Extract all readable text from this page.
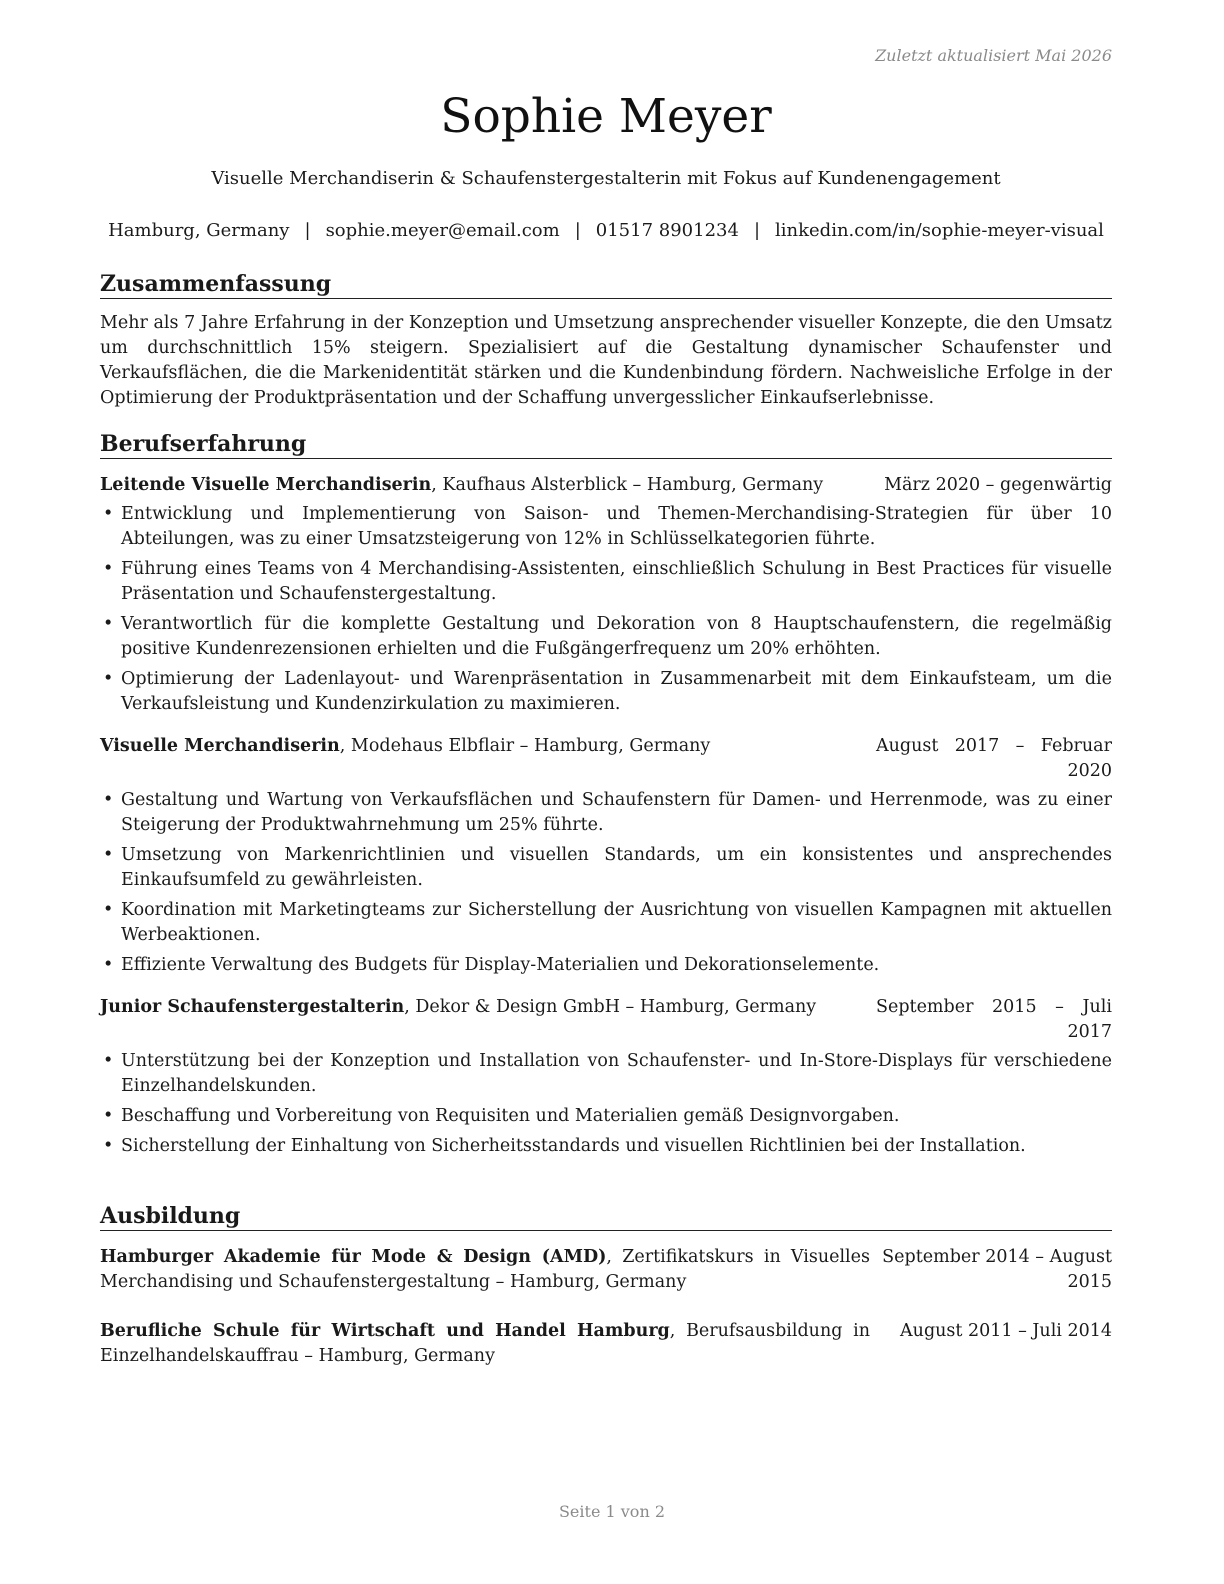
Zuletzt aktualisiert Mai 2026
Sophie Meyer
Visuelle Merchandiserin & Schaufenstergestalterin mit Fokus auf Kundenengagement
Hamburg, Germany | sophie.meyer@email.com | 01517 8901234 | linkedin.com/in/sophie-meyer-visual
Zusammenfassung
Mehr als 7 Jahre Erfahrung in der Konzeption und Umsetzung ansprechender visueller Konzepte, die den Umsatz um durchschnittlich 15% steigern. Spezialisiert auf die Gestaltung dynamischer Schaufenster und Verkaufsflächen, die die Markenidentität stärken und die Kundenbindung fördern. Nachweisliche Erfolge in der Optimierung der Produktpräsentation und der Schaffung unvergesslicher Einkaufserlebnisse.
Berufserfahrung
Leitende Visuelle Merchandiserin, Kaufhaus Alsterblick – Hamburg, Germany	März 2020 – gegenwärtig
• Entwicklung und Implementierung von Saison- und Themen-Merchandising-Strategien für über 10 Abteilungen, was zu einer Umsatzsteigerung von 12% in Schlüsselkategorien führte.
• Führung eines Teams von 4 Merchandising-Assistenten, einschließlich Schulung in Best Practices für visuelle Präsentation und Schaufenstergestaltung.
• Verantwortlich für die komplette Gestaltung und Dekoration von 8 Hauptschaufenstern, die regelmäßig positive Kundenrezensionen erhielten und die Fußgängerfrequenz um 20% erhöhten.
• Optimierung der Ladenlayout- und Warenpräsentation in Zusammenarbeit mit dem Einkaufsteam, um die Verkaufsleistung und Kundenzirkulation zu maximieren.
Visuelle Merchandiserin, Modehaus Elbflair – Hamburg, Germany	August 2017 – Februar 2020
• Gestaltung und Wartung von Verkaufsflächen und Schaufenstern für Damen- und Herrenmode, was zu einer Steigerung der Produktwahrnehmung um 25% führte.
• Umsetzung von Markenrichtlinien und visuellen Standards, um ein konsistentes und ansprechendes Einkaufsumfeld zu gewährleisten.
• Koordination mit Marketingteams zur Sicherstellung der Ausrichtung von visuellen Kampagnen mit aktuellen Werbeaktionen.
• Effiziente Verwaltung des Budgets für Display-Materialien und Dekorationselemente.
Junior Schaufenstergestalterin, Dekor & Design GmbH – Hamburg, Germany	September 2015 – Juli 2017
• Unterstützung bei der Konzeption und Installation von Schaufenster- und In-Store-Displays für verschiedene Einzelhandelskunden.
• Beschaffung und Vorbereitung von Requisiten und Materialien gemäß Designvorgaben.
• Sicherstellung der Einhaltung von Sicherheitsstandards und visuellen Richtlinien bei der Installation.
Ausbildung
Hamburger Akademie für Mode & Design (AMD), Zertifikatskurs in Visuelles Merchandising und Schaufenstergestaltung – Hamburg, Germany
September 2014 – August 2015
Berufliche Schule für Wirtschaft und Handel Hamburg, Berufsausbildung in Einzelhandelskauffrau – Hamburg, Germany
August 2011 – Juli 2014
Seite 1 von 2
